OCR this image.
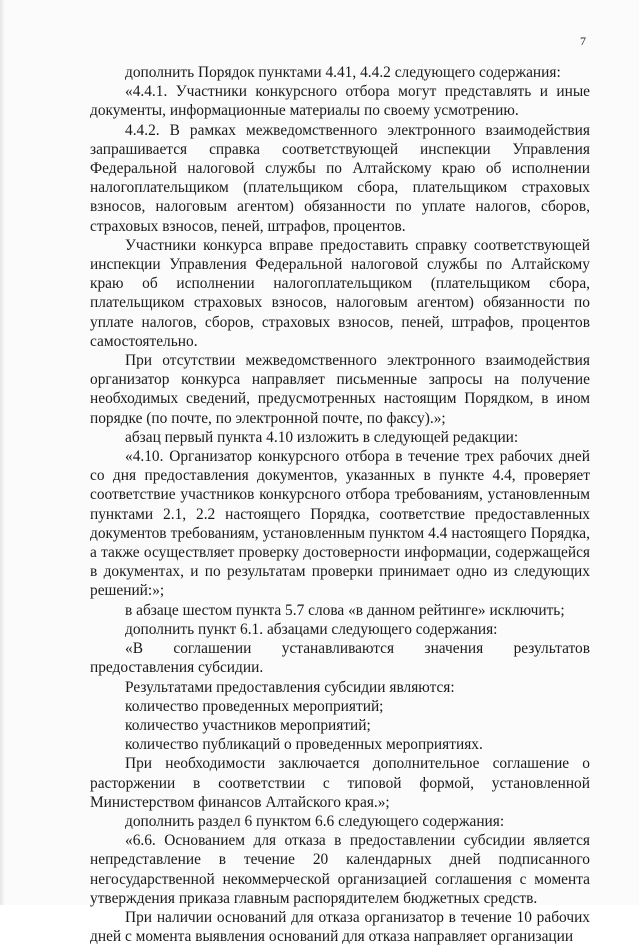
7

дополнить Порядок пунктами 4.41, 4.4.2 следующего содержания:

«4.4.1. Участники конкурсного отбора могут представлять и иные документы, информационные материалы по своему усмотрению.

4.4.2. В рамках межведомственного электронного взаимодействия запрашивается справка соответствующей инспекции Управления Федеральной налоговой службы по Алтайскому краю об исполнении налогоплательщиком (плательщиком сбора, плательщиком страховых взносов, налоговым агентом) обязанности по уплате налогов, сборов, страховых взносов, пеней, штрафов, процентов.

Участники конкурса вправе предоставить справку соответствующей инспекции Управления Федеральной налоговой службы по Алтайскому краю об исполнении налогоплательщиком (плательщиком сбора, плательщиком страховых взносов, налоговым агентом) обязанности по уплате налогов, сборов, страховых взносов, пеней, штрафов, процентов самостоятельно.

При отсутствии межведомственного электронного взаимодействия организатор конкурса направляет письменные запросы на получение необходимых сведений, предусмотренных настоящим Порядком, в ином порядке (по почте, по электронной почте, по факсу).»;

абзац первый пункта 4.10 изложить в следующей редакции:

«4.10. Организатор конкурсного отбора в течение трех рабочих дней со дня предоставления документов, указанных в пункте 4.4, проверяет соответствие участников конкурсного отбора требованиям, установленным пунктами 2.1, 2.2 настоящего Порядка, соответствие предоставленных документов требованиям, установленным пунктом 4.4 настоящего Порядка, а также осуществляет проверку достоверности информации, содержащейся в документах, и по результатам проверки принимает одно из следующих решений:»;

в абзаце шестом пункта 5.7 слова «в данном рейтинге» исключить;

дополнить пункт 6.1. абзацами следующего содержания:

«В соглашении устанавливаются значения результатов предоставления субсидии.

Результатами предоставления субсидии являются:

количество проведенных мероприятий;

количество участников мероприятий;

количество публикаций о проведенных мероприятиях.

При необходимости заключается дополнительное соглашение о расторжении в соответствии с типовой формой, установленной Министерством финансов Алтайского края.»;

дополнить раздел 6 пунктом 6.6 следующего содержания:

«6.6. Основанием для отказа в предоставлении субсидии является непредставление в течение 20 календарных дней подписанного негосударственной некоммерческой организацией соглашения с момента утверждения приказа главным распорядителем бюджетных средств.

При наличии оснований для отказа организатор в течение 10 рабочих дней с момента выявления оснований для отказа направляет организации
